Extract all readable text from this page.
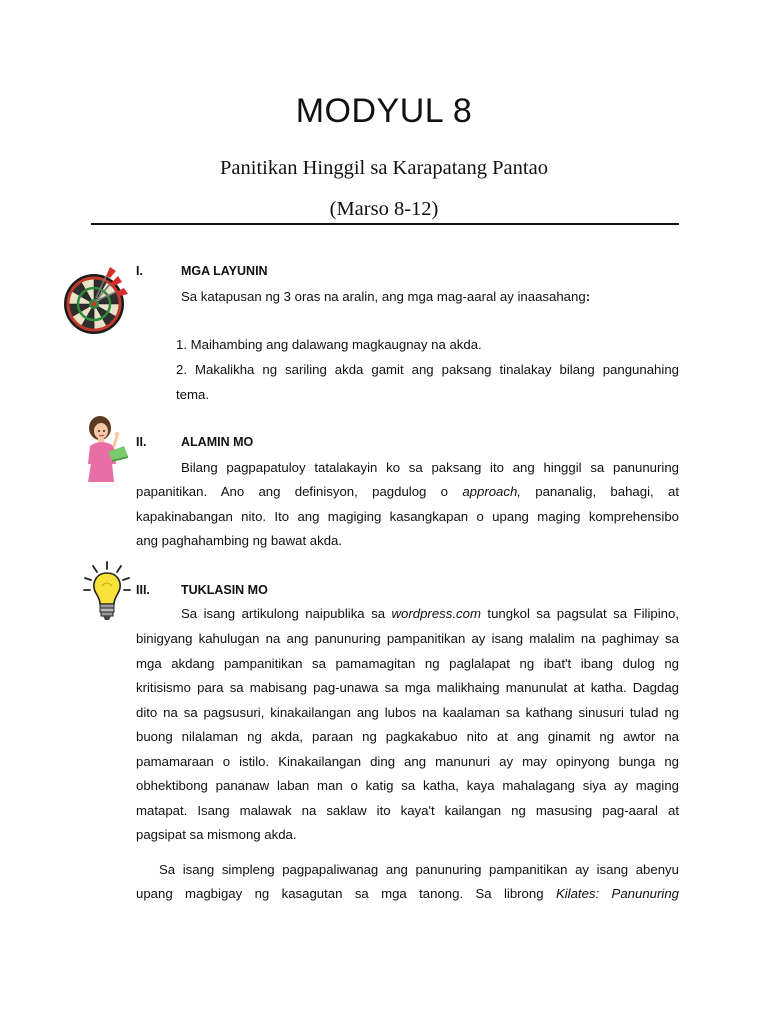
MODYUL 8
Panitikan Hinggil sa Karapatang Pantao
(Marso 8-12)
I.	MGA LAYUNIN
Sa katapusan ng 3 oras na aralin, ang mga mag-aaral ay inaasahang:
1. Maihambing ang dalawang magkaugnay na akda.
2. Makalikha ng sariling akda gamit ang paksang tinalakay bilang pangunahing
tema.
II.	ALAMIN MO
Bilang pagpapatuloy tatalakayin ko sa paksang ito ang hinggil sa panunuring
papanitikan. Ano ang definisyon, pagdulog o approach, pananalig, bahagi, at
kapakinabangan nito. Ito ang magiging kasangkapan o upang maging komprehensibo
ang paghahambing ng bawat akda.
III. TUKLASIN MO
Sa isang artikulong naipublika sa wordpress.com tungkol sa pagsulat sa Filipino,
binigyang kahulugan na ang panunuring pampanitikan ay isang malalim na paghimay sa
mga akdang pampanitikan sa pamamagitan ng paglalapat ng ibat't ibang dulog ng
kritisismo para sa mabisang pag-unawa sa mga malikhaing manunulat at katha. Dagdag
dito na sa pagsusuri, kinakailangan ang lubos na kaalaman sa kathang sinusuri tulad ng
buong nilalaman ng akda, paraan ng pagkakabuo nito at ang ginamit ng awtor na
pamamaraan o istilo. Kinakailangan ding ang manunuri ay may opinyong bunga ng
obhektibong pananaw laban man o katig sa katha, kaya mahalagang siya ay maging
matapat. Isang malawak na saklaw ito kaya't kailangan ng masusing pag-aaral at
pagsipat sa mismong akda.
Sa isang simpleng pagpapaliwanag ang panunuring pampanitikan ay isang abenyu
upang magbigay ng kasagutan sa mga tanong. Sa librong Kilates: Panunuring
